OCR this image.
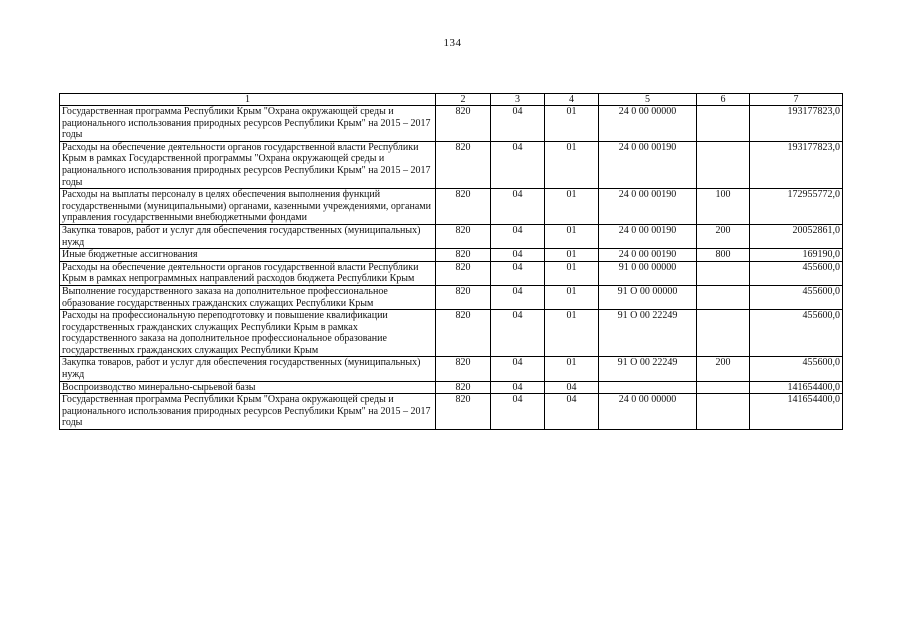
134
1	2	3	4	5	6	7
Государственная программа Республики Крым "Охрана окружающей среды и рационального использования природных ресурсов Республики Крым" на 2015 – 2017 годы	820	04	01	24 0 00 00000		193177823,0
Расходы на обеспечение деятельности органов государственной власти Республики Крым в рамках Государственной программы "Охрана окружающей среды и рационального использования природных ресурсов Республики Крым" на 2015 – 2017 годы	820	04	01	24 0 00 00190		193177823,0
Расходы на выплаты персоналу в целях обеспечения выполнения функций государственными (муниципальными) органами, казенными учреждениями, органами управления государственными внебюджетными фондами	820	04	01	24 0 00 00190	100	172955772,0
Закупка товаров, работ и услуг для обеспечения государственных (муниципальных) нужд	820	04	01	24 0 00 00190	200	20052861,0
Иные бюджетные ассигнования	820	04	01	24 0 00 00190	800	169190,0
Расходы на обеспечение деятельности органов государственной власти Республики Крым в рамках непрограммных направлений расходов бюджета Республики Крым	820	04	01	91 0 00 00000		455600,0
Выполнение государственного заказа на дополнительное профессиональное образование государственных гражданских служащих Республики Крым	820	04	01	91 О 00 00000		455600,0
Расходы на профессиональную переподготовку и повышение квалификации государственных гражданских служащих Республики Крым в рамках государственного заказа на дополнительное профессиональное образование государственных гражданских служащих Республики Крым	820	04	01	91 О 00 22249		455600,0
Закупка товаров, работ и услуг для обеспечения государственных (муниципальных) нужд	820	04	01	91 О 00 22249	200	455600,0
Воспроизводство минерально-сырьевой базы	820	04	04			141654400,0
Государственная программа Республики Крым "Охрана окружающей среды и рационального использования природных ресурсов Республики Крым" на 2015 – 2017 годы	820	04	04	24 0 00 00000		141654400,0
